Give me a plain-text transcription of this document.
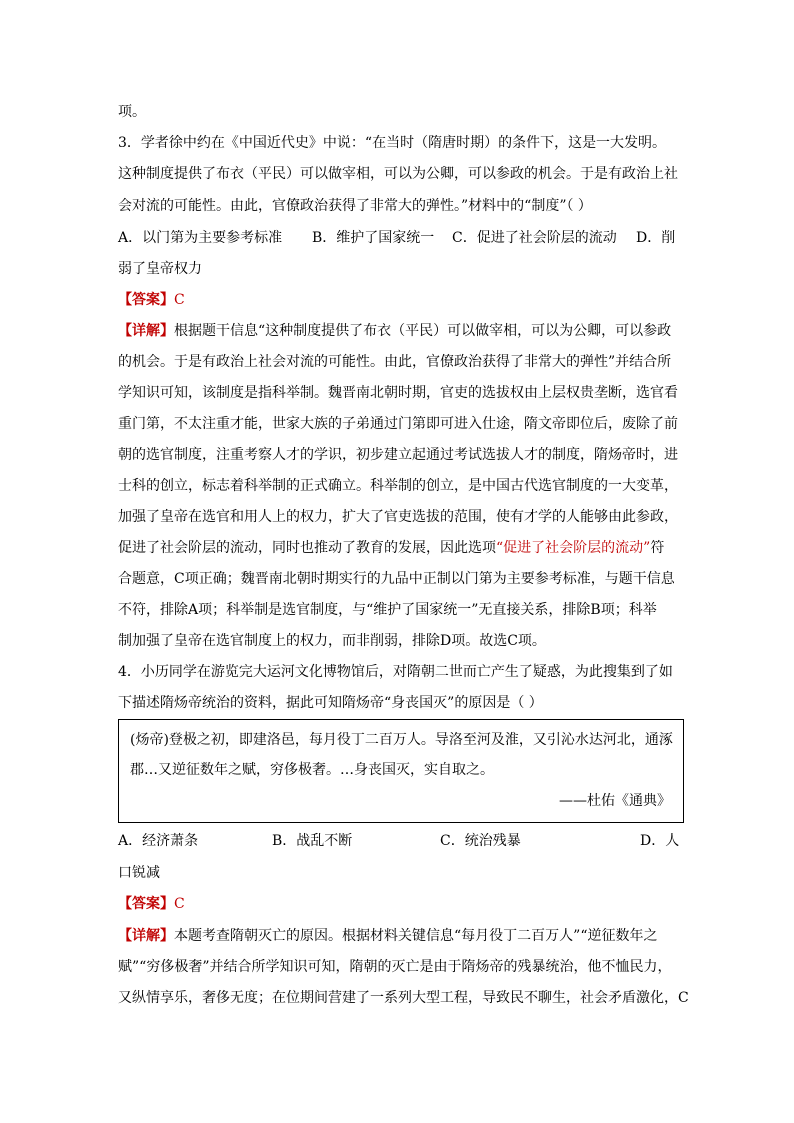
项。
3．学者徐中约在《中国近代史》中说：“在当时（隋唐时期）的条件下，这是一大发明。
这种制度提供了布衣（平民）可以做宰相，可以为公卿，可以参政的机会。于是有政治上社
会对流的可能性。由此，官僚政治获得了非常大的弹性。”材料中的“制度”（ ）
A．以门第为主要参考标准 B．维护了国家统一 C．促进了社会阶层的流动 D．削
弱了皇帝权力
【答案】C
【详解】根据题干信息“这种制度提供了布衣（平民）可以做宰相，可以为公卿，可以参政
的机会。于是有政治上社会对流的可能性。由此，官僚政治获得了非常大的弹性”并结合所
学知识可知，该制度是指科举制。魏晋南北朝时期，官吏的选拔权由上层权贵垄断，选官看
重门第，不太注重才能，世家大族的子弟通过门第即可进入仕途，隋文帝即位后，废除了前
朝的选官制度，注重考察人才的学识，初步建立起通过考试选拔人才的制度，隋炀帝时，进
士科的创立，标志着科举制的正式确立。科举制的创立，是中国古代选官制度的一大变革，
加强了皇帝在选官和用人上的权力，扩大了官吏选拔的范围，使有才学的人能够由此参政，
促进了社会阶层的流动，同时也推动了教育的发展，因此选项“促进了社会阶层的流动”符
合题意，C项正确；魏晋南北朝时期实行的九品中正制以门第为主要参考标准，与题干信息
不符，排除A项；科举制是选官制度，与“维护了国家统一”无直接关系，排除B项；科举
制加强了皇帝在选官制度上的权力，而非削弱，排除D项。故选C项。
4．小历同学在游览完大运河文化博物馆后，对隋朝二世而亡产生了疑惑，为此搜集到了如
下描述隋炀帝统治的资料，据此可知隋炀帝“身丧国灭”的原因是（ ）
(炀帝)登极之初，即建洛邑，每月役丁二百万人。导洛至河及淮，又引沁水达河北，通涿
郡…又逆征数年之赋，穷侈极奢。…身丧国灭，实自取之。
——杜佑《通典》
A．经济萧条	B．战乱不断	C．统治残暴	D．人
口锐减
【答案】C
【详解】本题考查隋朝灭亡的原因。根据材料关键信息“每月役丁二百万人”“逆征数年之
赋”“穷侈极奢”并结合所学知识可知，隋朝的灭亡是由于隋炀帝的残暴统治，他不恤民力，
又纵情享乐，奢侈无度；在位期间营建了一系列大型工程，导致民不聊生，社会矛盾激化，C
